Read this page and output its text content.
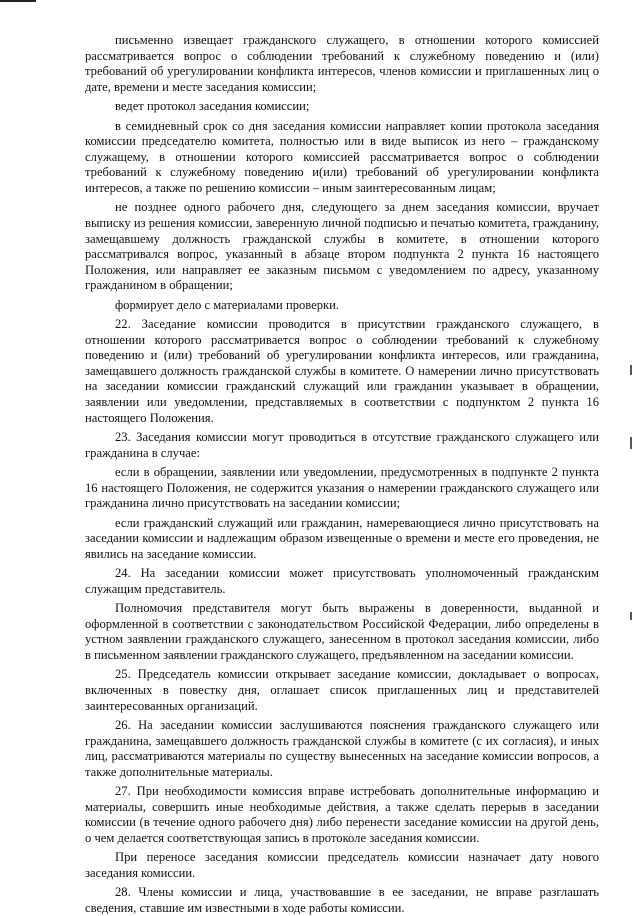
письменно извещает гражданского служащего, в отношении которого комиссией рассматривается вопрос о соблюдении требований к служебному поведению и (или) требований об урегулировании конфликта интересов, членов комиссии и приглашенных лиц о дате, времени и месте заседания комиссии;

ведет протокол заседания комиссии;

в семидневный срок со дня заседания комиссии направляет копии протокола заседания комиссии председателю комитета, полностью или в виде выписок из него – гражданскому служащему, в отношении которого комиссией рассматривается вопрос о соблюдении требований к служебному поведению и(или) требований об урегулировании конфликта интересов, а также по решению комиссии – иным заинтересованным лицам;

не позднее одного рабочего дня, следующего за днем заседания комиссии, вручает выписку из решения комиссии, заверенную личной подписью и печатью комитета, гражданину, замещавшему должность гражданской службы в комитете, в отношении которого рассматривался вопрос, указанный в абзаце втором подпункта 2 пункта 16 настоящего Положения, или направляет ее заказным письмом с уведомлением по адресу, указанному гражданином в обращении;

формирует дело с материалами проверки.

22. Заседание комиссии проводится в присутствии гражданского служащего, в отношении которого рассматривается вопрос о соблюдении требований к служебному поведению и (или) требований об урегулировании конфликта интересов, или гражданина, замещавшего должность гражданской службы в комитете. О намерении лично присутствовать на заседании комиссии гражданский служащий или гражданин указывает в обращении, заявлении или уведомлении, представляемых в соответствии с подпунктом 2 пункта 16 настоящего Положения.

23. Заседания комиссии могут проводиться в отсутствие гражданского служащего или гражданина в случае:

если в обращении, заявлении или уведомлении, предусмотренных в подпункте 2 пункта 16 настоящего Положения, не содержится указания о намерении гражданского служащего или гражданина лично присутствовать на заседании комиссии;

если гражданский служащий или гражданин, намеревающиеся лично присутствовать на заседании комиссии и надлежащим образом извещенные о времени и месте его проведения, не явились на заседание комиссии.

24. На заседании комиссии может присутствовать уполномоченный гражданским служащим представитель.

Полномочия представителя могут быть выражены в доверенности, выданной и оформленной в соответствии с законодательством Российской Федерации, либо определены в устном заявлении гражданского служащего, занесенном в протокол заседания комиссии, либо в письменном заявлении гражданского служащего, предъявленном на заседании комиссии.

25. Председатель комиссии открывает заседание комиссии, докладывает о вопросах, включенных в повестку дня, оглашает список приглашенных лиц и представителей заинтересованных организаций.

26. На заседании комиссии заслушиваются пояснения гражданского служащего или гражданина, замещавшего должность гражданской службы в комитете (с их согласия), и иных лиц, рассматриваются материалы по существу вынесенных на заседание комиссии вопросов, а также дополнительные материалы.

27. При необходимости комиссия вправе истребовать дополнительные информацию и материалы, совершить иные необходимые действия, а также сделать перерыв в заседании комиссии (в течение одного рабочего дня) либо перенести заседание комиссии на другой день, о чем делается соответствующая запись в протоколе заседания комиссии.

При переносе заседания комиссии председатель комиссии назначает дату нового заседания комиссии.

28. Члены комиссии и лица, участвовавшие в ее заседании, не вправе разглашать сведения, ставшие им известными в ходе работы комиссии.
